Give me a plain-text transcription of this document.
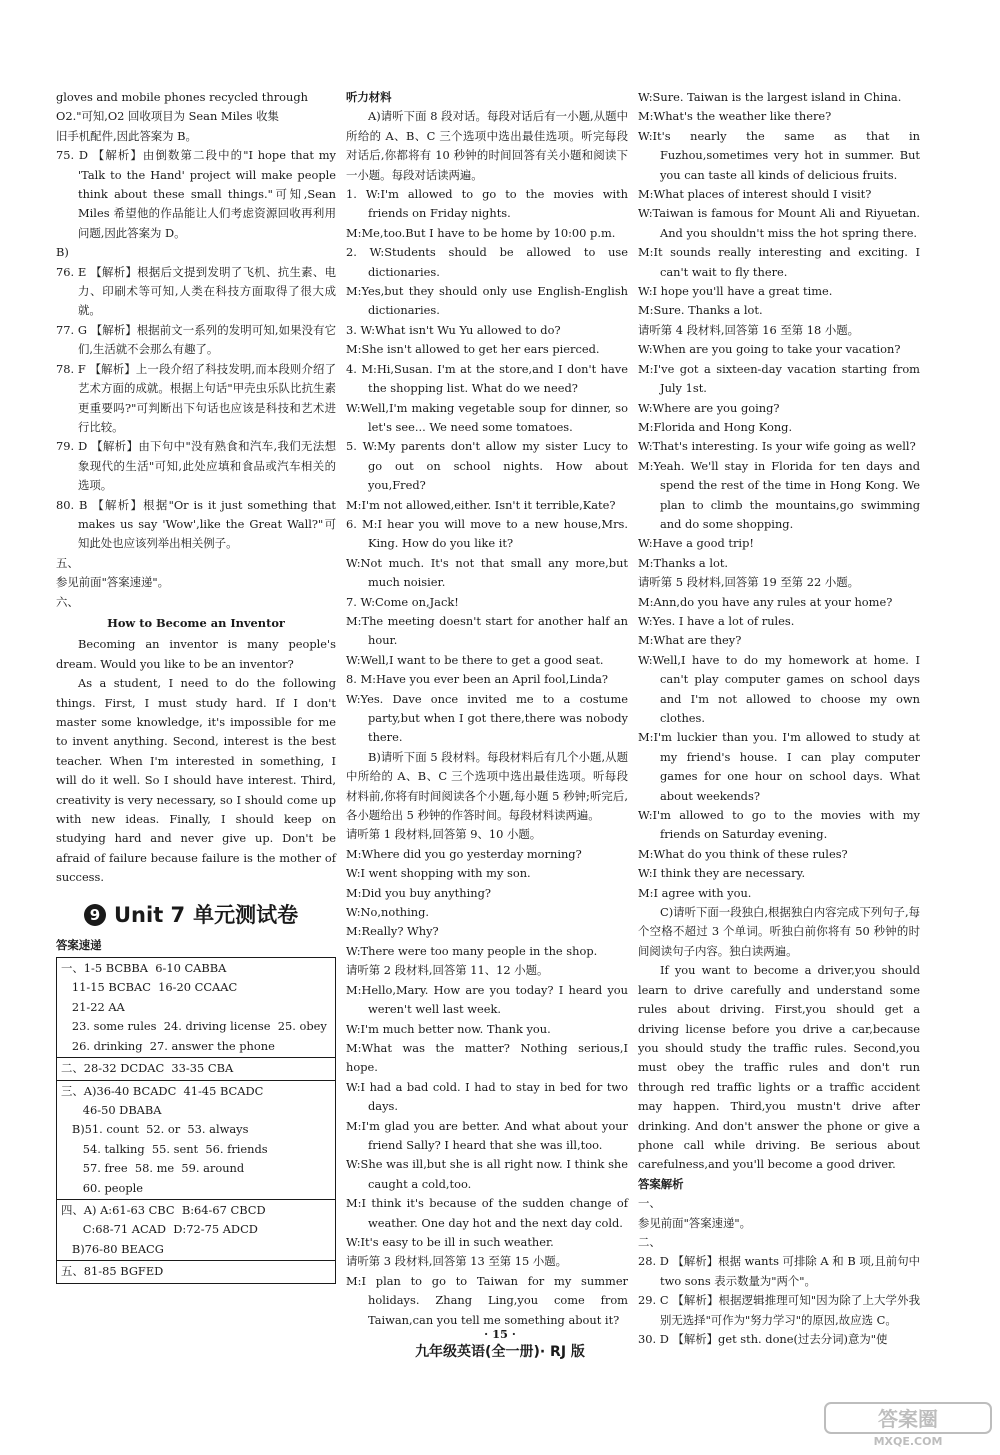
gloves and mobile phones recycled through

O2."可知,O2 回收项目为 Sean Miles 收集

旧手机配件,因此答案为 B。

75. D 【解析】由倒数第二段中的"I hope that my 'Talk to the Hand' project will make people think about these small things."可知,Sean Miles 希望他的作品能让人们考虑资源回收再利用问题,因此答案为 D。

B)

76. E 【解析】根据后文提到发明了飞机、抗生素、电力、印刷术等可知,人类在科技方面取得了很大成就。

77. G 【解析】根据前文一系列的发明可知,如果没有它们,生活就不会那么有趣了。

78. F 【解析】上一段介绍了科技发明,而本段则介绍了艺术方面的成就。根据上句话"甲壳虫乐队比抗生素更重要吗?"可判断出下句话也应该是科技和艺术进行比较。

79. D 【解析】由下句中"没有熟食和汽车,我们无法想象现代的生活"可知,此处应填和食品或汽车相关的选项。

80. B 【解析】根据"Or is it just something that makes us say 'Wow',like the Great Wall?"可知此处也应该列举出相关例子。

五、

参见前面"答案速递"。

六、

How to Become an Inventor

Becoming an inventor is many people's dream. Would you like to be an inventor?

As a student, I need to do the following things. First, I must study hard. If I don't master some knowledge, it's impossible for me to invent anything. Second, interest is the best teacher. When I'm interested in something, I will do it well. So I should have interest. Third, creativity is very necessary, so I should come up with new ideas. Finally, I should keep on studying hard and never give up. Don't be afraid of failure because failure is the mother of success.

9 Unit 7 单元测试卷

答案速递

一、1-5 BCBBA  6-10 CABBA

11-15 BCBAC  16-20 CCAAC

21-22 AA

23. some rules  24. driving license  25. obey

26. drinking  27. answer the phone

二、28-32 DCDAC  33-35 CBA

三、A)36-40 BCADC  41-45 BCADC

46-50 DBABA

B)51. count  52. or  53. always

54. talking  55. sent  56. friends

57. free  58. me  59. around

60. people

四、A) A:61-63 CBC  B:64-67 CBCD

C:68-71 ACAD  D:72-75 ADCD

B)76-80 BEACG

五、81-85 BGFED

听力材料

A)请听下面 8 段对话。每段对话后有一小题,从题中所给的 A、B、C 三个选项中选出最佳选项。听完每段对话后,你都将有 10 秒钟的时间回答有关小题和阅读下一小题。每段对话读两遍。

1. W:I'm allowed to go to the movies with friends on Friday nights.

M:Me,too.But I have to be home by 10:00 p.m.

2. W:Students should be allowed to use dictionaries.

M:Yes,but they should only use English-English dictionaries.

3. W:What isn't Wu Yu allowed to do?

M:She isn't allowed to get her ears pierced.

4. M:Hi,Susan. I'm at the store,and I don't have the shopping list. What do we need?

W:Well,I'm making vegetable soup for dinner, so let's see... We need some tomatoes.

5. W:My parents don't allow my sister Lucy to go out on school nights. How about you,Fred?

M:I'm not allowed,either. Isn't it terrible,Kate?

6. M:I hear you will move to a new house,Mrs. King. How do you like it?

W:Not much. It's not that small any more,but much noisier.

7. W:Come on,Jack!

M:The meeting doesn't start for another half an hour.

W:Well,I want to be there to get a good seat.

8. M:Have you ever been an April fool,Linda?

W:Yes. Dave once invited me to a costume party,but when I got there,there was nobody there.

B)请听下面 5 段材料。每段材料后有几个小题,从题中所给的 A、B、C 三个选项中选出最佳选项。听每段材料前,你将有时间阅读各个小题,每小题 5 秒钟;听完后,各小题给出 5 秒钟的作答时间。每段材料读两遍。

请听第 1 段材料,回答第 9、10 小题。

M:Where did you go yesterday morning?

W:I went shopping with my son.

M:Did you buy anything?

W:No,nothing.

M:Really? Why?

W:There were too many people in the shop.

请听第 2 段材料,回答第 11、12 小题。

M:Hello,Mary. How are you today? I heard you weren't well last week.

W:I'm much better now. Thank you.

M:What was the matter? Nothing serious,I hope.

W:I had a bad cold. I had to stay in bed for two days.

M:I'm glad you are better. And what about your friend Sally? I heard that she was ill,too.

W:She was ill,but she is all right now. I think she caught a cold,too.

M:I think it's because of the sudden change of weather. One day hot and the next day cold.

W:It's easy to be ill in such weather.

请听第 3 段材料,回答第 13 至第 15 小题。

M:I plan to go to Taiwan for my summer holidays. Zhang Ling,you come from Taiwan,can you tell me something about it?

W:Sure. Taiwan is the largest island in China.

M:What's the weather like there?

W:It's nearly the same as that in Fuzhou,sometimes very hot in summer. But you can taste all kinds of delicious fruits.

M:What places of interest should I visit?

W:Taiwan is famous for Mount Ali and Riyuetan. And you shouldn't miss the hot spring there.

M:It sounds really interesting and exciting. I can't wait to fly there.

W:I hope you'll have a great time.

M:Sure. Thanks a lot.

请听第 4 段材料,回答第 16 至第 18 小题。

W:When are you going to take your vacation?

M:I've got a sixteen-day vacation starting from July 1st.

W:Where are you going?

M:Florida and Hong Kong.

W:That's interesting. Is your wife going as well?

M:Yeah. We'll stay in Florida for ten days and spend the rest of the time in Hong Kong. We plan to climb the mountains,go swimming and do some shopping.

W:Have a good trip!

M:Thanks a lot.

请听第 5 段材料,回答第 19 至第 22 小题。

M:Ann,do you have any rules at your home?

W:Yes. I have a lot of rules.

M:What are they?

W:Well,I have to do my homework at home. I can't play computer games on school days and I'm not allowed to choose my own clothes.

M:I'm luckier than you. I'm allowed to study at my friend's house. I can play computer games for one hour on school days. What about weekends?

W:I'm allowed to go to the movies with my friends on Saturday evening.

M:What do you think of these rules?

W:I think they are necessary.

M:I agree with you.

C)请听下面一段独白,根据独白内容完成下列句子,每个空格不超过 3 个单词。听独白前你将有 50 秒钟的时间阅读句子内容。独白读两遍。

If you want to become a driver,you should learn to drive carefully and understand some rules about driving. First,you should get a driving license before you drive a car,because you should study the traffic rules. Second,you must obey the traffic rules and don't run through red traffic lights or a traffic accident may happen. Third,you mustn't drive after drinking. And don't answer the phone or give a phone call while driving. Be serious about carefulness,and you'll become a good driver.

答案解析

一、

参见前面"答案速递"。

二、

28. D 【解析】根据 wants 可排除 A 和 B 项,且前句中 two sons 表示数量为"两个"。

29. C 【解析】根据逻辑推理可知"因为除了上大学外我别无选择"可作为"努力学习"的原因,故应选 C。

30. D 【解析】get sth. done(过去分词)意为"使

· 15 ·
九年级英语(全一册)· RJ 版
答案圈
MXQE.COM
